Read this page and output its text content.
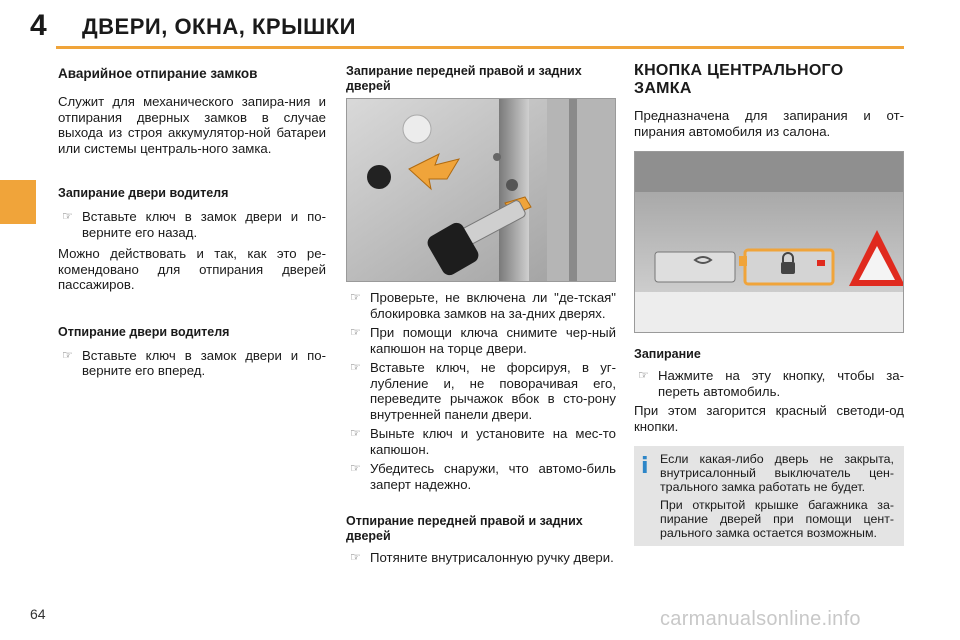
4 ДВЕРИ, ОКНА, КРЫШКИ
Аварийное отпирание замков

Служит для механического запира-ния и отпирания дверных замков в случае выхода из строя аккумулятор-ной батареи или системы централь-ного замка.

Запирание двери водителя
☞ Вставьте ключ в замок двери и по-верните его назад.

Можно действовать и так, как это ре-комендовано для отпирания дверей пассажиров.

Отпирание двери водителя
☞ Вставьте ключ в замок двери и по-верните его вперед.
Запирание передней правой и задних дверей
☞ Проверьте, не включена ли "де-тская" блокировка замков на за-дних дверях.
☞ При помощи ключа снимите чер-ный капюшон на торце двери.
☞ Вставьте ключ, не форсируя, в уг-лубление и, не поворачивая его, переведите рычажок вбок в сто-рону внутренней панели двери.
☞ Выньте ключ и установите на мес-то капюшон.
☞ Убедитесь снаружи, что автомо-биль заперт надежно.
Отпирание передней правой и задних дверей
☞ Потяните внутрисалонную ручку двери.
КНОПКА ЦЕНТРАЛЬНОГО ЗАМКА

Предназначена для запирания и от-пирания автомобиля из салона.

Запирание
☞ Нажмите на эту кнопку, чтобы за-переть автомобиль.

При этом загорится красный светоди-од кнопки.

i Если какая-либо дверь не закрыта, внутрисалонный выключатель цен-трального замка работать не будет.

При открытой крышке багажника за-пирание дверей при помощи цент-рального замка остается возможным.

64	carmanualsonline.info
